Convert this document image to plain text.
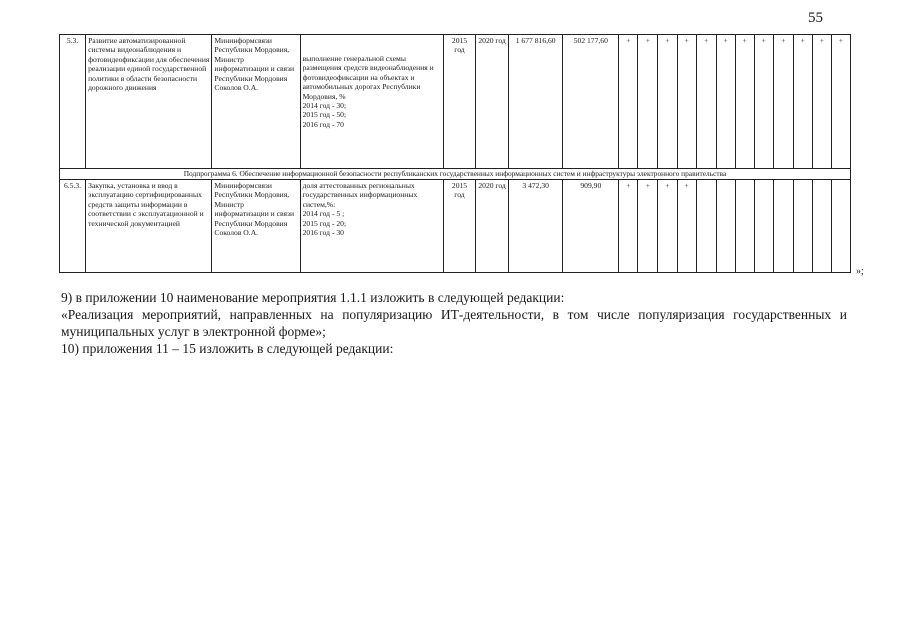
55
5.3.	Развитие автоматизированной системы видеонаблюдения и фотовидеофиксации для обеспечения реализации единой государственной политики в области безопасности дорожного движения	Мининформсвязи Республики Мордовия,
Министр информатизации и связи
Республики Мордовия Соколов О.А.	выполнение генеральной схемы размещения средств видеонаблюдения и фотовидеофиксации на объектах и автомобильных дорогах Республики Мордовия, %
2014 год - 30;
2015 год - 50;
2016 год - 70	2015 год	2020 год	1 677 816,60	502 177,60	+	+	+	+	+	+	+	+	+	+	+	+
Подпрограмма 6. Обеспечение информационной безопасности республиканских государственных информационных систем и инфраструктуры электронного правительства																			
6.5.3.	Закупка, установка и ввод в эксплуатацию сертифицированных средств защиты информации в соответствии с эксплуатационной и технической документацией	Мининформсвязи Республики Мордовия,
Министр информатизации и связи
Республики Мордовия Соколов О.А.	доля аттестованных региональных государственных информационных систем,%:
2014 год - 5 ;
2015 год - 20;
2016 год - 30	2015 год	2020 год	3 472,30	909,90	+	+	+	+								
»;
9) в приложении 10 наименование мероприятия 1.1.1 изложить в следующей редакции:
«Реализация мероприятий, направленных на популяризацию ИТ-деятельности, в том числе популяризация государственных и муниципальных услуг в электронной форме»;
10) приложения 11 – 15 изложить в следующей редакции:
